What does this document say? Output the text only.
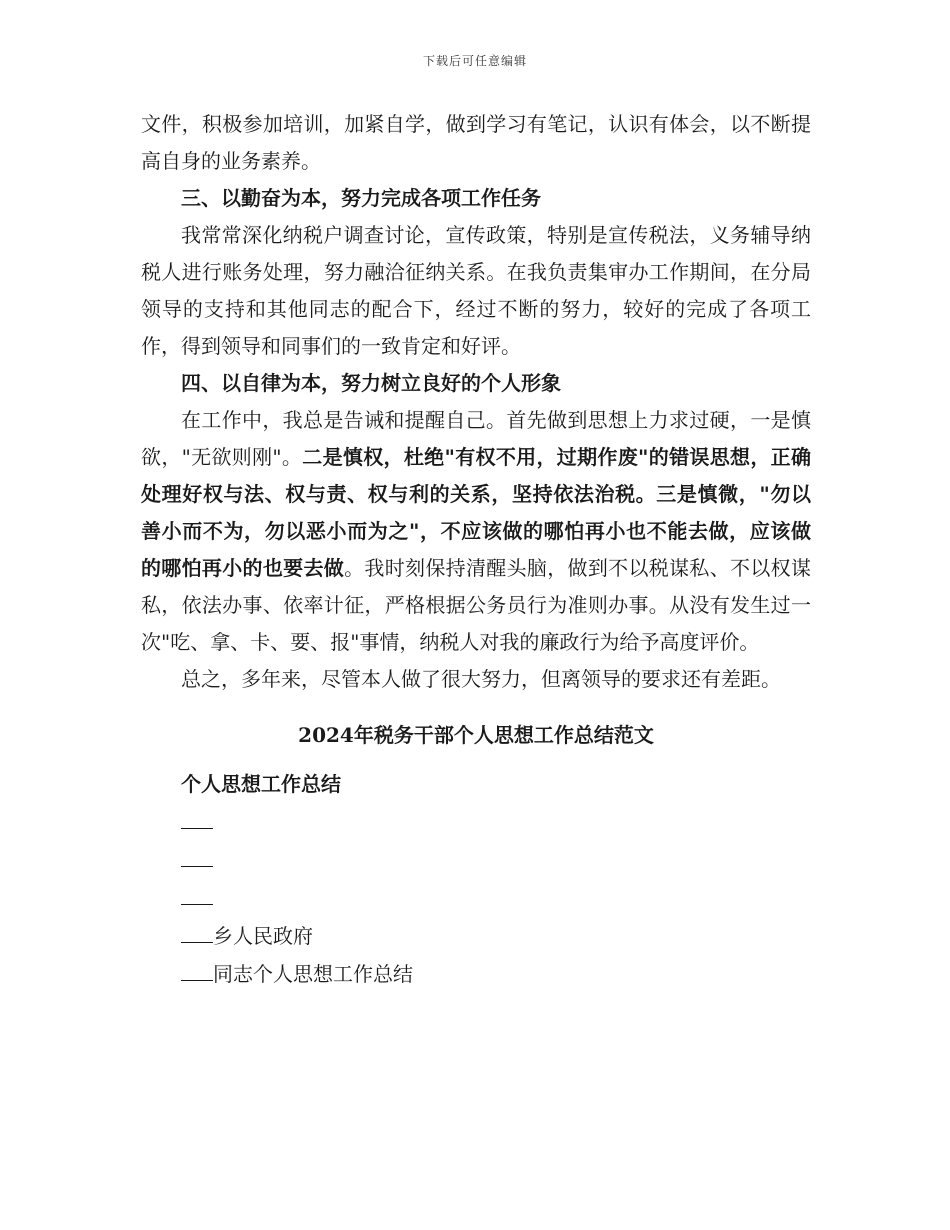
下载后可任意编辑

文件，积极参加培训，加紧自学，做到学习有笔记，认识有体会，以不断提高自身的业务素养。

三、以勤奋为本，努力完成各项工作任务

我常常深化纳税户调查讨论，宣传政策，特别是宣传税法，义务辅导纳税人进行账务处理，努力融洽征纳关系。在我负责集审办工作期间，在分局领导的支持和其他同志的配合下，经过不断的努力，较好的完成了各项工作，得到领导和同事们的一致肯定和好评。

四、以自律为本，努力树立良好的个人形象

在工作中，我总是告诫和提醒自己。首先做到思想上力求过硬，一是慎欲，"无欲则刚"。二是慎权，杜绝"有权不用，过期作废"的错误思想，正确处理好权与法、权与责、权与利的关系，坚持依法治税。三是慎微，"勿以善小而不为，勿以恶小而为之"，不应该做的哪怕再小也不能去做，应该做的哪怕再小的也要去做。我时刻保持清醒头脑，做到不以税谋私、不以权谋私，依法办事、依率计征，严格根据公务员行为准则办事。从没有发生过一次"吃、拿、卡、要、报"事情，纳税人对我的廉政行为给予高度评价。

总之，多年来，尽管本人做了很大努力，但离领导的要求还有差距。

2024年税务干部个人思想工作总结范文

个人思想工作总结

乡人民政府

同志个人思想工作总结
